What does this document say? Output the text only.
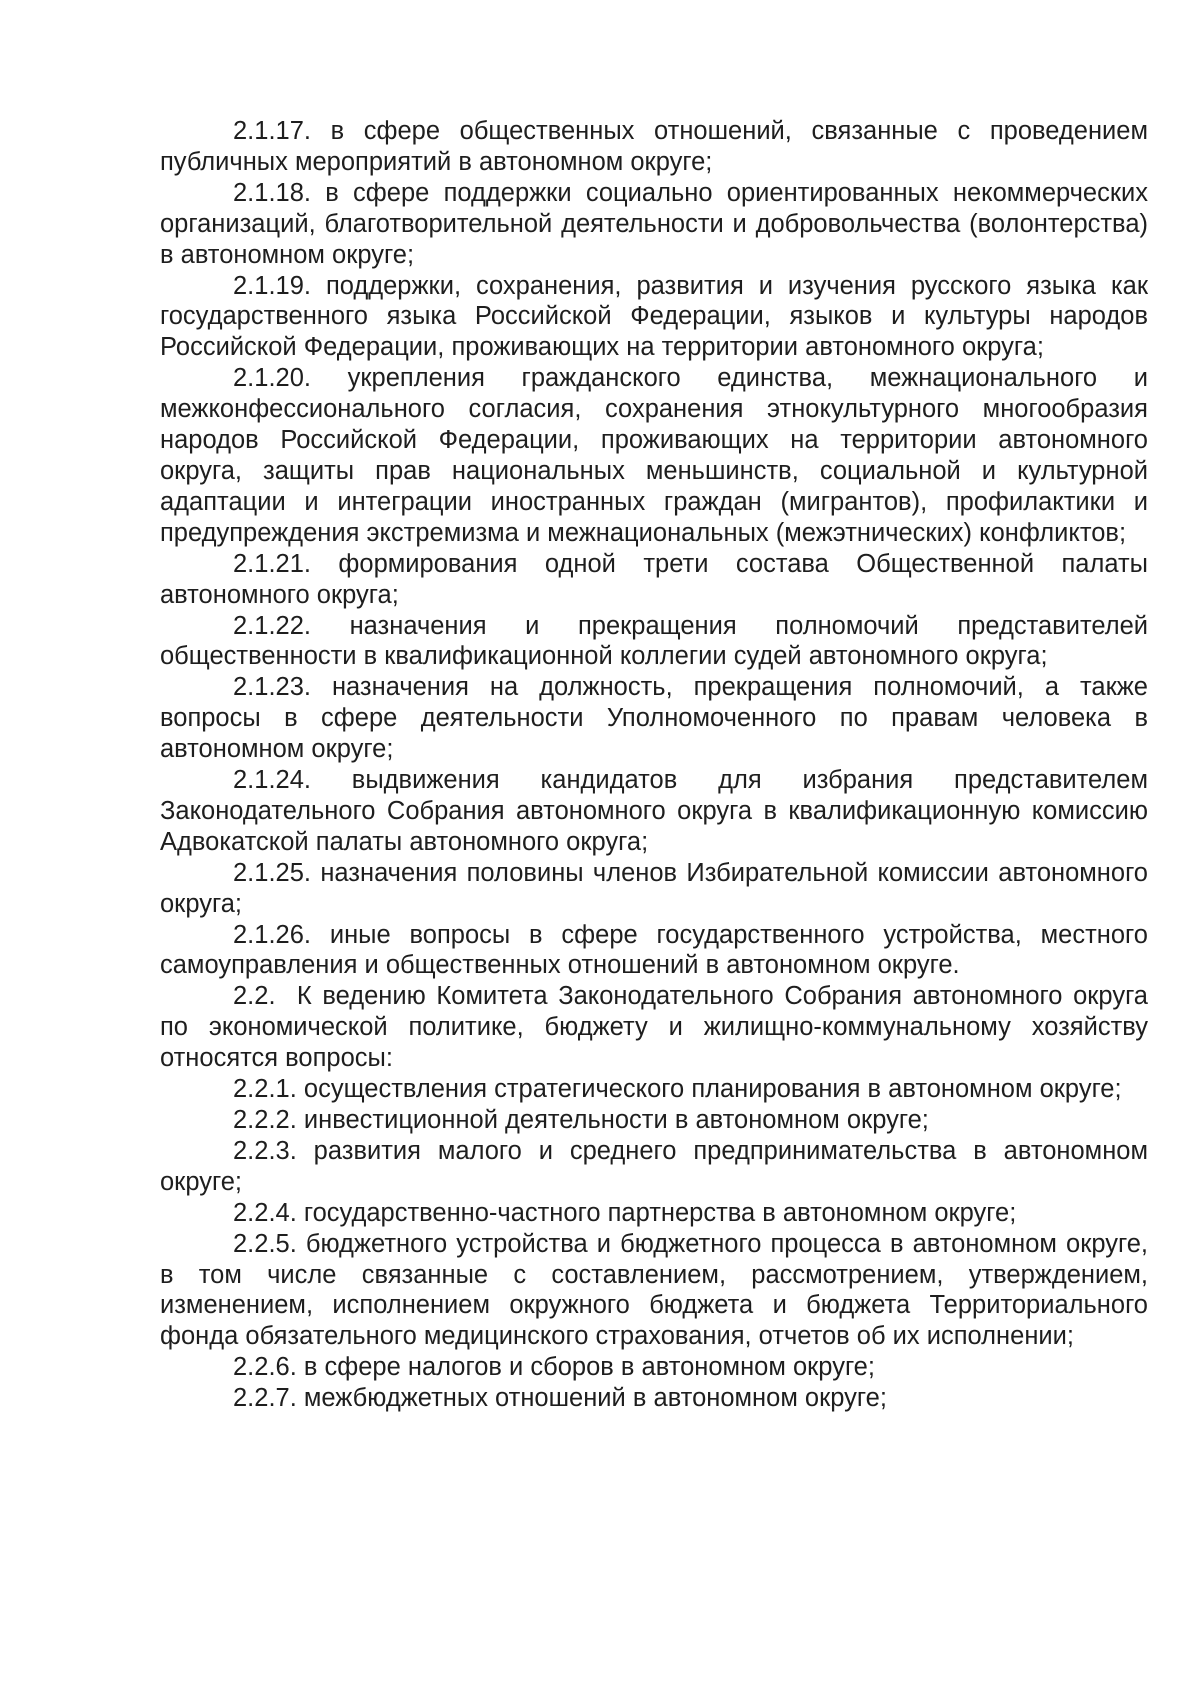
2.1.17. в сфере общественных отношений, связанные с проведением публичных мероприятий в автономном округе;

2.1.18. в сфере поддержки социально ориентированных некоммерческих организаций, благотворительной деятельности и добровольчества (волонтерства) в автономном округе;

2.1.19. поддержки, сохранения, развития и изучения русского языка как государственного языка Российской Федерации, языков и культуры народов Российской Федерации, проживающих на территории автономного округа;

2.1.20. укрепления гражданского единства, межнационального и межконфессионального согласия, сохранения этнокультурного многообразия народов Российской Федерации, проживающих на территории автономного округа, защиты прав национальных меньшинств, социальной и культурной адаптации и интеграции иностранных граждан (мигрантов), профилактики и предупреждения экстремизма и межнациональных (межэтнических) конфликтов;

2.1.21. формирования одной трети состава Общественной палаты автономного округа;

2.1.22. назначения и прекращения полномочий представителей общественности в квалификационной коллегии судей автономного округа;

2.1.23. назначения на должность, прекращения полномочий, а также вопросы в сфере деятельности Уполномоченного по правам человека в автономном округе;

2.1.24. выдвижения кандидатов для избрания представителем Законодательного Собрания автономного округа в квалификационную комиссию Адвокатской палаты автономного округа;

2.1.25. назначения половины членов Избирательной комиссии автономного округа;

2.1.26. иные вопросы в сфере государственного устройства, местного самоуправления и общественных отношений в автономном округе.

2.2.  К ведению Комитета Законодательного Собрания автономного округа по экономической политике, бюджету и жилищно-коммунальному хозяйству относятся вопросы:

2.2.1. осуществления стратегического планирования в автономном округе;

2.2.2. инвестиционной деятельности в автономном округе;

2.2.3. развития малого и среднего предпринимательства в автономном округе;

2.2.4. государственно-частного партнерства в автономном округе;

2.2.5. бюджетного устройства и бюджетного процесса в автономном округе, в том числе связанные с составлением, рассмотрением, утверждением, изменением, исполнением окружного бюджета и бюджета Территориального фонда обязательного медицинского страхования, отчетов об их исполнении;

2.2.6. в сфере налогов и сборов в автономном округе;

2.2.7. межбюджетных отношений в автономном округе;
